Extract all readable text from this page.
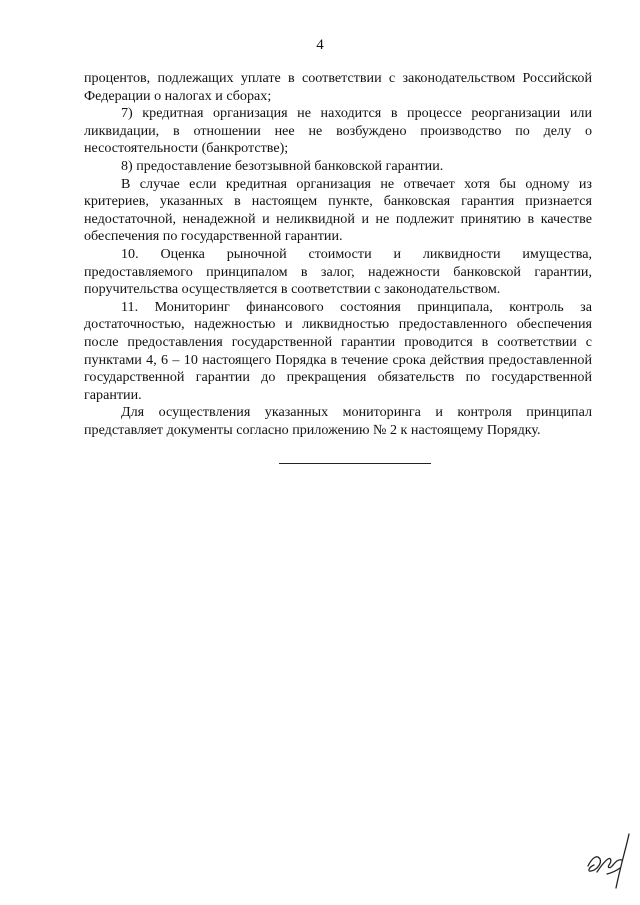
4

процентов, подлежащих уплате в соответствии с законодательством Российской Федерации о налогах и сборах;

7) кредитная организация не находится в процессе реорганизации или ликвидации, в отношении нее не возбуждено производство по делу о несостоятельности (банкротстве);

8) предоставление безотзывной банковской гарантии.

В случае если кредитная организация не отвечает хотя бы одному из критериев, указанных в настоящем пункте, банковская гарантия признается недостаточной, ненадежной и неликвидной и не подлежит принятию в качестве обеспечения по государственной гарантии.

10. Оценка рыночной стоимости и ликвидности имущества, предоставляемого принципалом в залог, надежности банковской гарантии, поручительства осуществляется в соответствии с законодательством.

11. Мониторинг финансового состояния принципала, контроль за достаточностью, надежностью и ликвидностью предоставленного обеспечения после предоставления государственной гарантии проводится в соответствии с пунктами 4, 6 – 10 настоящего Порядка в течение срока действия предоставленной государственной гарантии до прекращения обязательств по государственной гарантии.

Для осуществления указанных мониторинга и контроля принципал представляет документы согласно приложению № 2 к настоящему Порядку.
